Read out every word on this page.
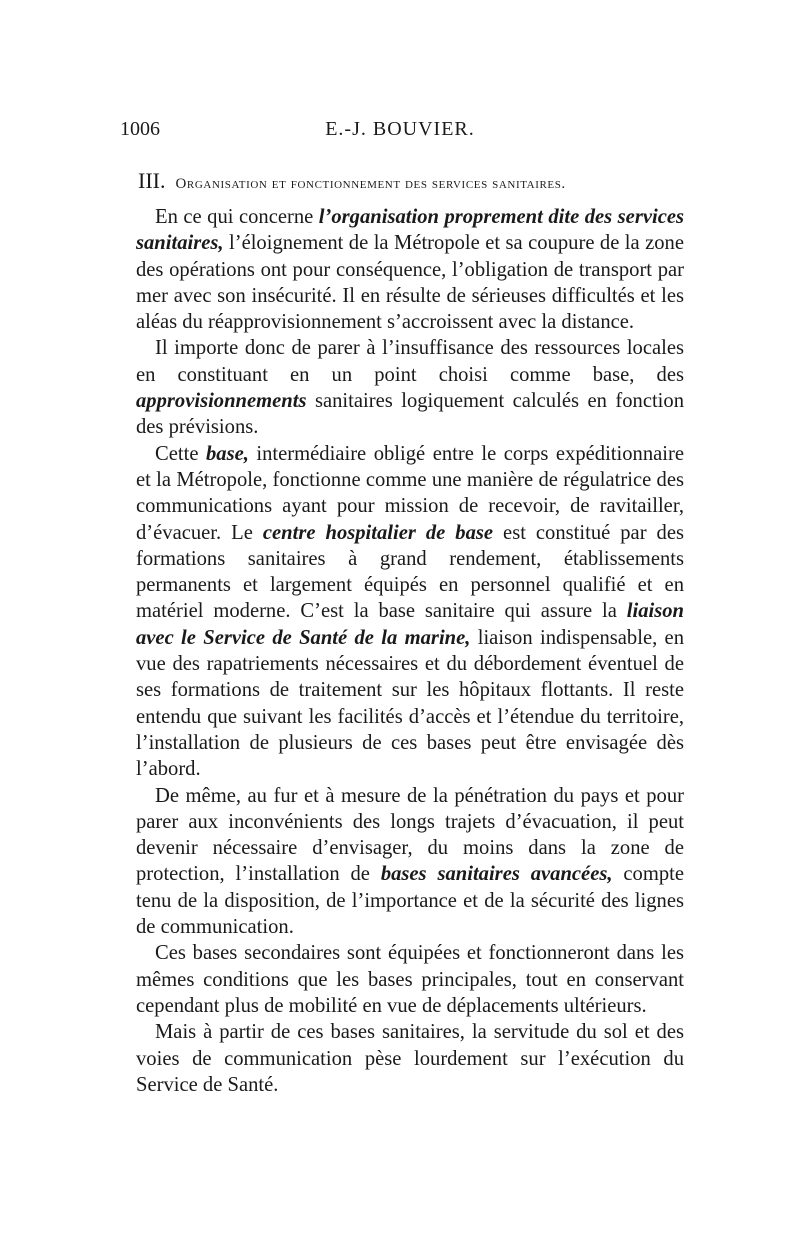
1006	E.-J. BOUVIER.
III. Organisation et fonctionnement des services sanitaires.

En ce qui concerne l’organisation proprement dite des services sanitaires, l’éloignement de la Métropole et sa coupure de la zone des opérations ont pour conséquence, l’obligation de transport par mer avec son insécurité. Il en résulte de sérieuses difficultés et les aléas du réapprovisionnement s’accroissent avec la distance.

Il importe donc de parer à l’insuffisance des ressources locales en constituant en un point choisi comme base, des approvisionnements sanitaires logiquement calculés en fonction des prévisions.

Cette base, intermédiaire obligé entre le corps expéditionnaire et la Métropole, fonctionne comme une manière de régulatrice des communications ayant pour mission de recevoir, de ravitailler, d’évacuer. Le centre hospitalier de base est constitué par des formations sanitaires à grand rendement, établissements permanents et largement équipés en personnel qualifié et en matériel moderne. C’est la base sanitaire qui assure la liaison avec le Service de Santé de la marine, liaison indispensable, en vue des rapatriements nécessaires et du débordement éventuel de ses formations de traitement sur les hôpitaux flottants. Il reste entendu que suivant les facilités d’accès et l’étendue du territoire, l’installation de plusieurs de ces bases peut être envisagée dès l’abord.

De même, au fur et à mesure de la pénétration du pays et pour parer aux inconvénients des longs trajets d’évacuation, il peut devenir nécessaire d’envisager, du moins dans la zone de protection, l’installation de bases sanitaires avancées, compte tenu de la disposition, de l’importance et de la sécurité des lignes de communication.

Ces bases secondaires sont équipées et fonctionneront dans les mêmes conditions que les bases principales, tout en conservant cependant plus de mobilité en vue de déplacements ultérieurs.

Mais à partir de ces bases sanitaires, la servitude du sol et des voies de communication pèse lourdement sur l’exécution du Service de Santé.
